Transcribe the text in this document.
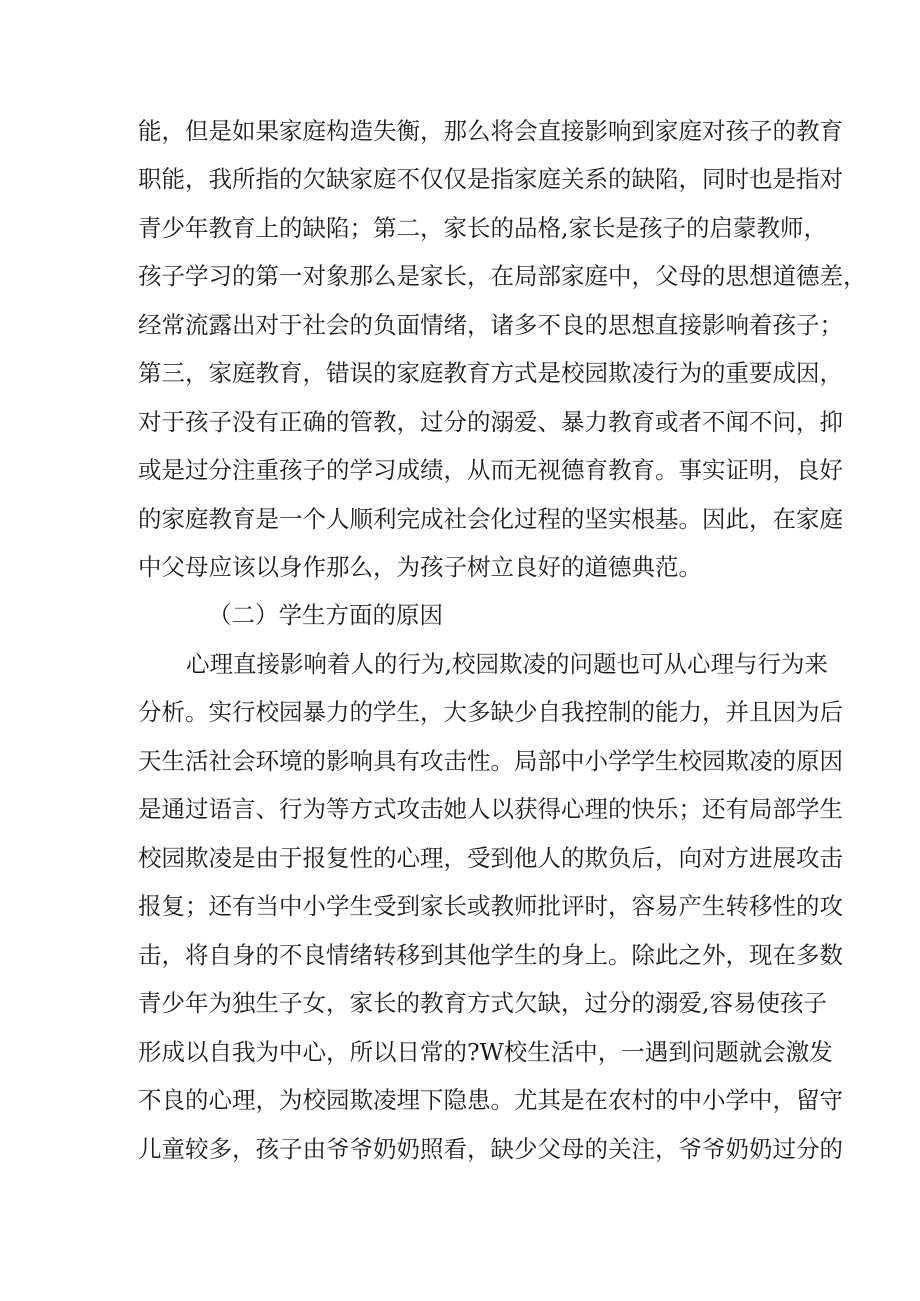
能，但是如果家庭构造失衡，那么将会直接影响到家庭对孩子的教育
职能，我所指的欠缺家庭不仅仅是指家庭关系的缺陷，同时也是指对
青少年教育上的缺陷；第二，家长的品格,家长是孩子的启蒙教师，
孩子学习的第一对象那么是家长，在局部家庭中，父母的思想道德差，
经常流露出对于社会的负面情绪，诸多不良的思想直接影响着孩子；
第三，家庭教育，错误的家庭教育方式是校园欺凌行为的重要成因，
对于孩子没有正确的管教，过分的溺爱、暴力教育或者不闻不问，抑
或是过分注重孩子的学习成绩，从而无视德育教育。事实证明，良好
的家庭教育是一个人顺利完成社会化过程的坚实根基。因此，在家庭
中父母应该以身作那么，为孩子树立良好的道德典范。
（二）学生方面的原因
心理直接影响着人的行为,校园欺凌的问题也可从心理与行为来
分析。实行校园暴力的学生，大多缺少自我控制的能力，并且因为后
天生活社会环境的影响具有攻击性。局部中小学学生校园欺凌的原因
是通过语言、行为等方式攻击她人以获得心理的快乐；还有局部学生
校园欺凌是由于报复性的心理，受到他人的欺负后，向对方进展攻击
报复；还有当中小学生受到家长或教师批评时，容易产生转移性的攻
击，将自身的不良情绪转移到其他学生的身上。除此之外，现在多数
青少年为独生子女，家长的教育方式欠缺，过分的溺爱,容易使孩子
形成以自我为中心，所以日常的?W校生活中，一遇到问题就会激发
不良的心理，为校园欺凌埋下隐患。尤其是在农村的中小学中，留守
儿童较多，孩子由爷爷奶奶照看，缺少父母的关注，爷爷奶奶过分的
